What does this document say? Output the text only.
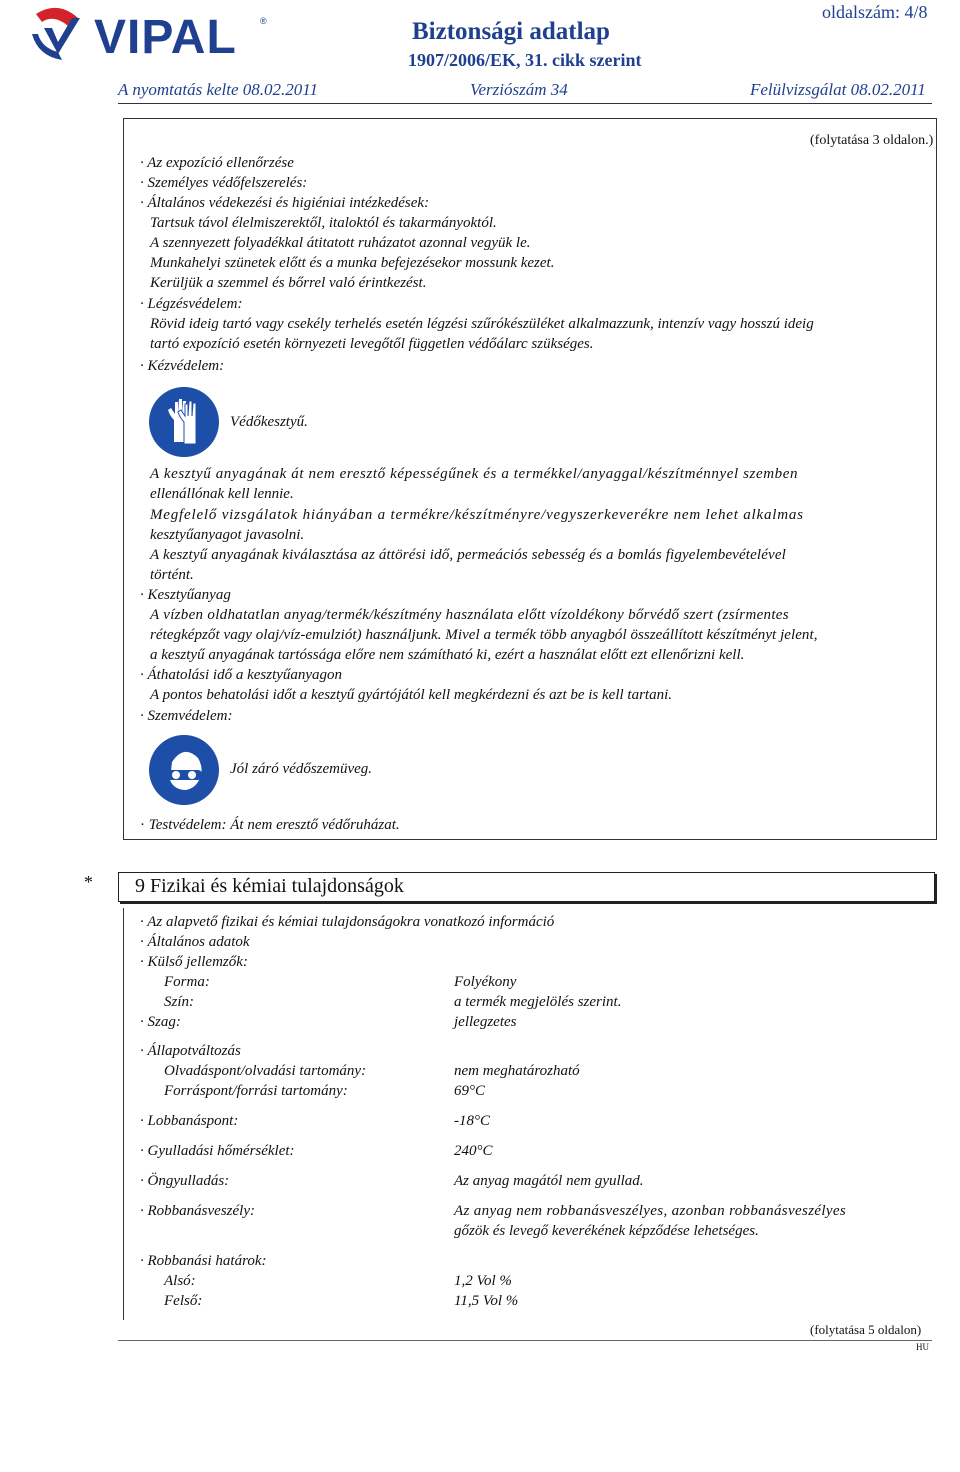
VIPAL	®	Biztonsági adatlap
1907/2006/EK, 31. cikk szerint
oldalszám: 4/8
A nyomtatás kelte 08.02.2011	Verziószám 34	Felülvizsgálat 08.02.2011
(folytatása 3 oldalon.)
· Az expozíció ellenőrzése
· Személyes védőfelszerelés:
· Általános védekezési és higiéniai intézkedések:
Tartsuk távol élelmiszerektől, italoktól és takarmányoktól.
A szennyezett folyadékkal átitatott ruházatot azonnal vegyük le.
Munkahelyi szünetek előtt és a munka befejezésekor mossunk kezet.
Kerüljük a szemmel és bőrrel való érintkezést.
· Légzésvédelem:
Rövid ideig tartó vagy csekély terhelés esetén légzési szűrókészüléket alkalmazzunk, intenzív vagy hosszú ideig
tartó expozíció esetén környezeti levegőtől független védőálarc szükséges.
· Kézvédelem:
Védőkesztyű.
A kesztyű anyagának át nem eresztő képességűnek és a termékkel/anyaggal/készítménnyel szemben
ellenállónak kell lennie.
Megfelelő vizsgálatok hiányában a termékre/készítményre/vegyszerkeverékre nem lehet alkalmas
kesztyűanyagot javasolni.
A kesztyű anyagának kiválasztása az áttörési idő, permeációs sebesség és a bomlás figyelembevételével
történt.
· Kesztyűanyag
A vízben oldhatatlan anyag/termék/készítmény használata előtt vízoldékony bőrvédő szert (zsírmentes
rétegképzőt vagy olaj/víz-emulziót) használjunk. Mivel a termék több anyagból összeállított készítményt jelent,
a kesztyű anyagának tartóssága előre nem számítható ki, ezért a használat előtt ezt ellenőrizni kell.
· Áthatolási idő a kesztyűanyagon
A pontos behatolási időt a kesztyű gyártójától kell megkérdezni és azt be is kell tartani.
· Szemvédelem:
Jól záró védőszemüveg.
· Testvédelem: Át nem eresztő védőruházat.
* 9 Fizikai és kémiai tulajdonságok
· Az alapvető fizikai és kémiai tulajdonságokra vonatkozó információ
· Általános adatok
· Külső jellemzők:
Forma:	Folyékony
Szín:	a termék megjelölés szerint.
· Szag:	jellegzetes
· Állapotváltozás
Olvadáspont/olvadási tartomány:	nem meghatározható
Forráspont/forrási tartomány:	69°C
· Lobbanáspont:	-18°C
· Gyulladási hőmérséklet:	240°C
· Öngyulladás:	Az anyag magától nem gyullad.
· Robbanásveszély:	Az anyag nem robbanásveszélyes, azonban robbanásveszélyes
gőzök és levegő keverékének képződése lehetséges.
· Robbanási határok:
Alsó:	1,2 Vol %
Felső:	11,5 Vol %
(folytatása 5 oldalon)
HU
